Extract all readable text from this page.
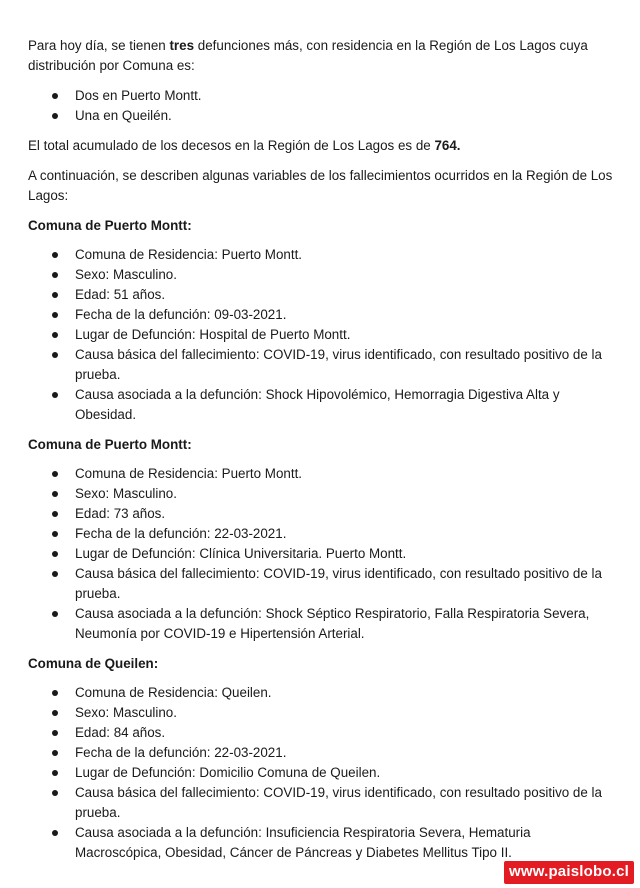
Para hoy día, se tienen tres defunciones más, con residencia en la Región de Los Lagos cuya distribución por Comuna es:

Dos en Puerto Montt.
Una en Queilén.

El total acumulado de los decesos en la Región de Los Lagos es de 764.

A continuación, se describen algunas variables de los fallecimientos ocurridos en la Región de Los Lagos:

Comuna de Puerto Montt:
Comuna de Residencia: Puerto Montt.
Sexo: Masculino.
Edad: 51 años.
Fecha de la defunción: 09-03-2021.
Lugar de Defunción: Hospital de Puerto Montt.
Causa básica del fallecimiento: COVID-19, virus identificado, con resultado positivo de la prueba.
Causa asociada a la defunción: Shock Hipovolémico, Hemorragia Digestiva Alta y Obesidad.
Comuna de Puerto Montt:
Comuna de Residencia: Puerto Montt.
Sexo: Masculino.
Edad: 73 años.
Fecha de la defunción: 22-03-2021.
Lugar de Defunción: Clínica Universitaria. Puerto Montt.
Causa básica del fallecimiento: COVID-19, virus identificado, con resultado positivo de la prueba.
Causa asociada a la defunción: Shock Séptico Respiratorio, Falla Respiratoria Severa, Neumonía por COVID-19 e Hipertensión Arterial.
Comuna de Queilen:
Comuna de Residencia: Queilen.
Sexo: Masculino.
Edad: 84 años.
Fecha de la defunción: 22-03-2021.
Lugar de Defunción: Domicilio Comuna de Queilen.
Causa básica del fallecimiento: COVID-19, virus identificado, con resultado positivo de la prueba.
Causa asociada a la defunción: Insuficiencia Respiratoria Severa, Hematuria Macroscópica, Obesidad, Cáncer de Páncreas y Diabetes Mellitus Tipo II.
www.paislobo.cl
